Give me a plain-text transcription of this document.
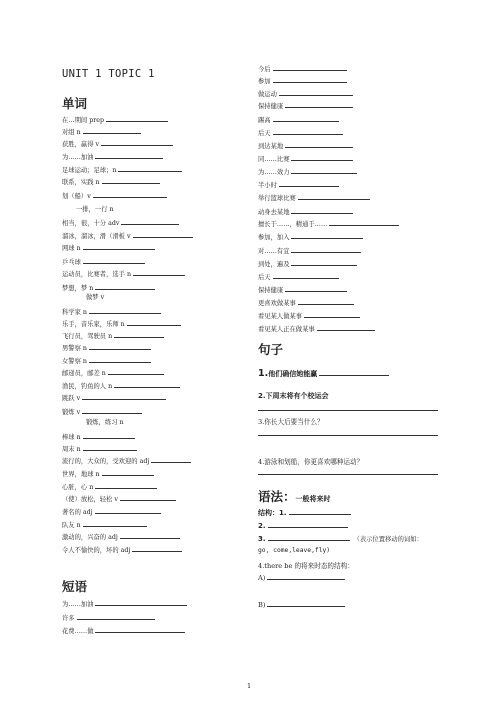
UNIT 1 TOPIC 1
单词
在…期间 prep
对组 n
获胜，赢得 v
为……加油
足球运动；足球；n
联系，实践 n
划（船）v
一排，一行 n
相当，很，十分 adv
溜冰，溜冰，滑（滑板 v
网球 n
乒乓球
运动员，比赛者，选手 n
梦想，梦 n
做梦 v
科学家 n
乐手，音乐家，乐师 n
飞行员，驾驶员 n
男警察 n
女警察 n
邮递员，邮差 n
渔民，钓鱼的人 n
跳跃 v
锻炼 v
锻炼，练习 n
棒球 n
周末 n
流行的，大众的，受欢迎的 adj
世界，地球 n
心脏，心 n
（使）放松，轻松 v
著名的 adj
队友 n
激动的，兴奋的 adj
令人不愉快的，坏的 adj
短语
为……加油
许多
花费……做
今后
参加
做运动
保持健康
踢高
后天
到达某地
同……比赛
为……效力
半小时
举行篮球比赛
动身去某地
擅长于……，精通于……
参加，加入
对……有宜
到处，遍及
后天
保持健康
更喜欢做某事
看见某人做某事
看见某人正在做某事
句子
1.他们确信她能赢
2.下周末将有个校运会
3.你长大后要当什么？
4.游泳和划船，你更喜欢哪种运动？
语法：一般将来时
结构：1.
2.
3.	（表示位置移动的词如：
go, come,leave,fly)
4.there be 的将来时态的结构：
A)
B)
1
